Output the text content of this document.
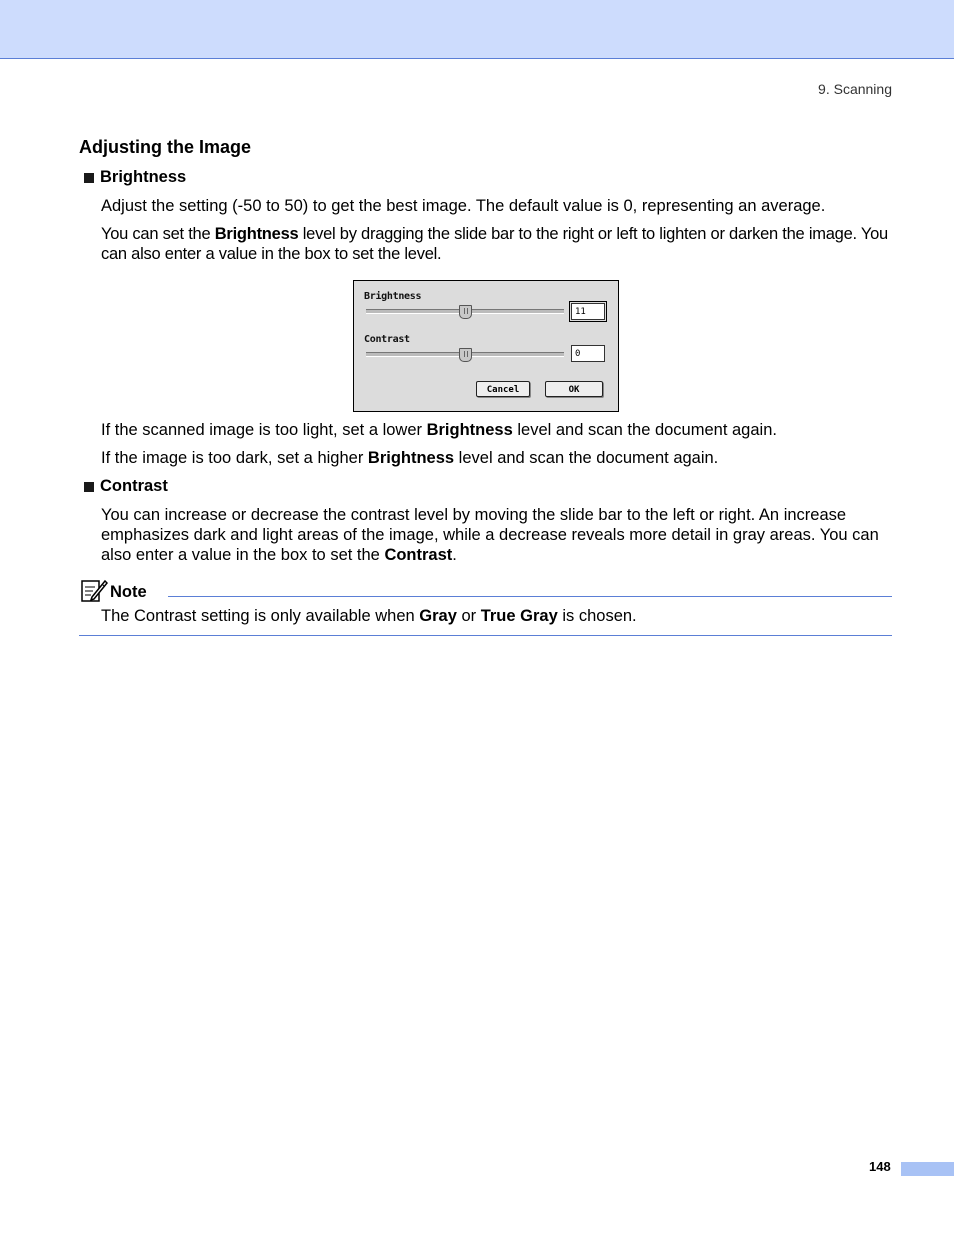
9. Scanning
Adjusting the Image
Brightness

Adjust the setting (-50 to 50) to get the best image. The default value is 0, representing an average.

You can set the Brightness level by dragging the slide bar to the right or left to lighten or darken the image. You can also enter a value in the box to set the level.

Brightness
11
Contrast
0
Cancel	OK

If the scanned image is too light, set a lower Brightness level and scan the document again.

If the image is too dark, set a higher Brightness level and scan the document again.

Contrast

You can increase or decrease the contrast level by moving the slide bar to the left or right. An increase emphasizes dark and light areas of the image, while a decrease reveals more detail in gray areas. You can also enter a value in the box to set the Contrast.

Note

The Contrast setting is only available when Gray or True Gray is chosen.

148
